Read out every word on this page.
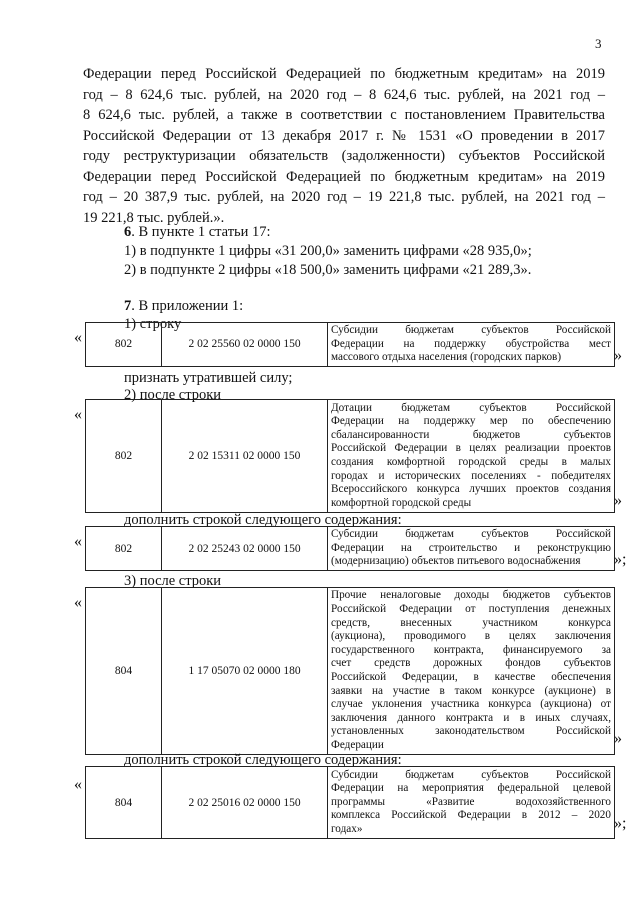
3
Федерации перед Российской Федерацией по бюджетным кредитам» на 2019
год – 8 624,6 тыс. рублей, на 2020 год – 8 624,6 тыс. рублей, на 2021 год –
8 624,6 тыс. рублей, а также в соответствии с постановлением Правительства
Российской Федерации от 13 декабря 2017 г. № 1531 «О проведении в 2017
году реструктуризации обязательств (задолженности) субъектов Российской
Федерации перед Российской Федерацией по бюджетным кредитам» на 2019
год – 20 387,9 тыс. рублей, на 2020 год – 19 221,8 тыс. рублей, на 2021 год –
19 221,8 тыс. рублей.».
6. В пункте 1 статьи 17:
1) в подпункте 1 цифры «31 200,0» заменить цифрами «28 935,0»;
2) в подпункте 2 цифры «18 500,0» заменить цифрами «21 289,3».
7. В приложении 1:
1) строку
«	802	2 02 25560 02 0000 150	
Субсидии бюджетам субъектов Российской
Федерации на поддержку обустройства мест
массового отдыха населения (городских парков)	»
признать утратившей силу;
2) после строки
«
802	2 02 15311 02 0000 150	
Дотации бюджетам субъектов Российской
Федерации на поддержку мер по обеспечению
сбалансированности бюджетов субъектов
Российской Федерации в целях реализации проектов
создания комфортной городской среды в малых
городах и исторических поселениях - победителях
Всероссийского конкурса лучших проектов создания
комфортной городской среды	»
дополнить строкой следующего содержания:
«	802	2 02 25243 02 0000 150	
Субсидии бюджетам субъектов Российской
Федерации на строительство и реконструкцию
(модернизацию) объектов питьевого водоснабжения	»;
3) после строки
«
804	1 17 05070 02 0000 180	
Прочие неналоговые доходы бюджетов субъектов
Российской Федерации от поступления денежных
средств, внесенных участником конкурса
(аукциона), проводимого в целях заключения
государственного контракта, финансируемого за
счет средств дорожных фондов субъектов
Российской Федерации, в качестве обеспечения
заявки на участие в таком конкурсе (аукционе) в
случае уклонения участника конкурса (аукциона) от
заключения данного контракта и в иных случаях,
установленных законодательством Российской
Федерации	»
дополнить строкой следующего содержания:
«
804	2 02 25016 02 0000 150	
Субсидии бюджетам субъектов Российской
Федерации на мероприятия федеральной целевой
программы «Развитие водохозяйственного
комплекса Российской Федерации в 2012 – 2020
годах»	»;
